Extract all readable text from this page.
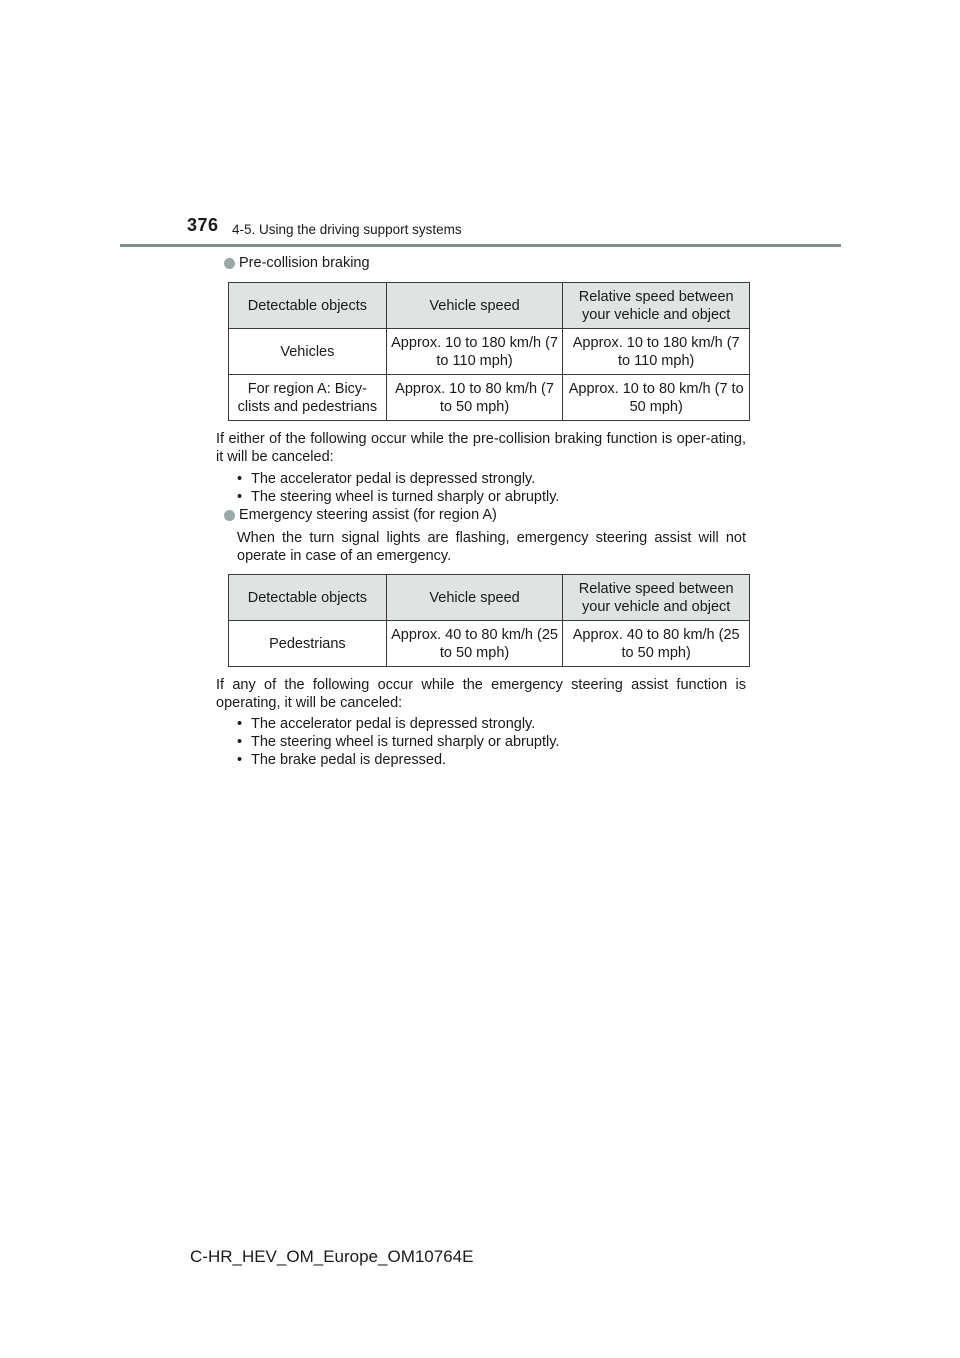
376 4-5. Using the driving support systems
Pre-collision braking
Detectable objects	Vehicle speed	Relative speed between your vehicle and object
Vehicles	Approx. 10 to 180 km/h (7 to 110 mph)	Approx. 10 to 180 km/h (7 to 110 mph)
For region A: Bicy-clists and pedestrians	Approx. 10 to 80 km/h (7 to 50 mph)	Approx. 10 to 80 km/h (7 to 50 mph)
If either of the following occur while the pre-collision braking function is oper-ating, it will be canceled:
• The accelerator pedal is depressed strongly.
• The steering wheel is turned sharply or abruptly.
Emergency steering assist (for region A)
When the turn signal lights are flashing, emergency steering assist will not operate in case of an emergency.
Detectable objects	Vehicle speed	Relative speed between your vehicle and object
Pedestrians	Approx. 40 to 80 km/h (25 to 50 mph)	Approx. 40 to 80 km/h (25 to 50 mph)
If any of the following occur while the emergency steering assist function is operating, it will be canceled:
• The accelerator pedal is depressed strongly.
• The steering wheel is turned sharply or abruptly.
• The brake pedal is depressed.
C-HR_HEV_OM_Europe_OM10764E
